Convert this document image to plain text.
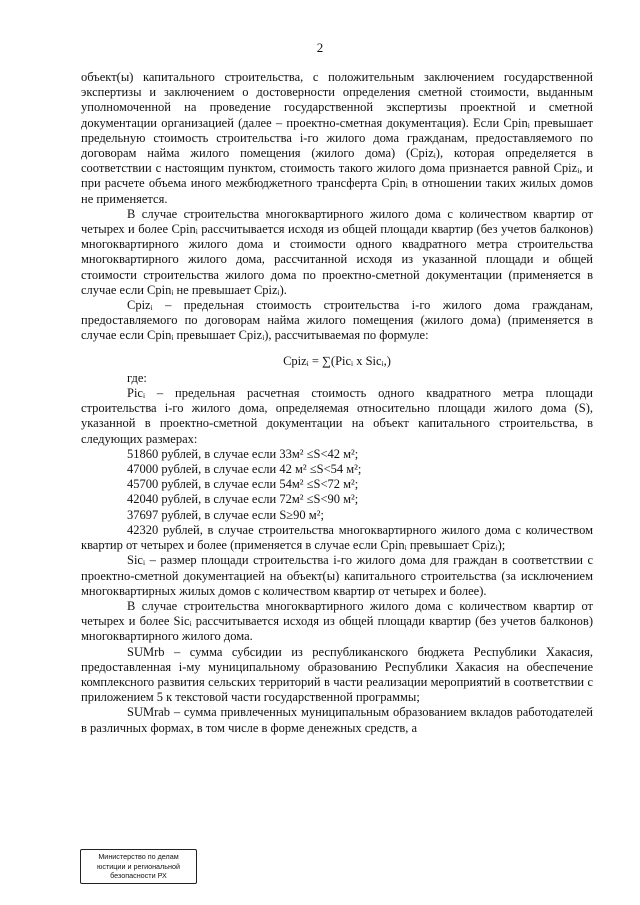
2

объект(ы) капитального строительства, с положительным заключением государственной экспертизы и заключением о достоверности определения сметной стоимости, выданным уполномоченной на проведение государственной экспертизы проектной и сметной документации организацией (далее – проектно-сметная документация). Если Cpinᵢ превышает предельную стоимость строительства i-го жилого дома гражданам, предоставляемого по договорам найма жилого помещения (жилого дома) (Cpizᵢ), которая определяется в соответствии с настоящим пунктом, стоимость такого жилого дома признается равной Cpizᵢ, и при расчете объема иного межбюджетного трансферта Cpinᵢ в отношении таких жилых домов не применяется.

В случае строительства многоквартирного жилого дома с количеством квартир от четырех и более Cpinᵢ рассчитывается исходя из общей площади квартир (без учетов балконов) многоквартирного жилого дома и стоимости одного квадратного метра строительства многоквартирного жилого дома, рассчитанной исходя из указанной площади и общей стоимости строительства жилого дома по проектно-сметной документации (применяется в случае если Cpinᵢ не превышает Cpizᵢ).

Cpizᵢ – предельная стоимость строительства i-го жилого дома гражданам, предоставляемого по договорам найма жилого помещения (жилого дома) (применяется в случае если Cpinᵢ превышает Cpizᵢ), рассчитываемая по формуле:

Cpizᵢ = ∑(Picᵢ x Sicᵢ,)

где:

Picᵢ – предельная расчетная стоимость одного квадратного метра площади строительства i-го жилого дома, определяемая относительно площади жилого дома (S), указанной в проектно-сметной документации на объект капитального строительства, в следующих размерах:

51860 рублей, в случае если 33м² ≤S<42 м²;

47000 рублей, в случае если 42 м² ≤S<54 м²;

45700 рублей, в случае если 54м² ≤S<72 м²;

42040 рублей, в случае если 72м² ≤S<90 м²;

37697 рублей, в случае если S≥90 м²;

42320 рублей, в случае строительства многоквартирного жилого дома с количеством квартир от четырех и более (применяется в случае если Cpinᵢ превышает Cpizᵢ);

Sicᵢ – размер площади строительства i-го жилого дома для граждан в соответствии с проектно-сметной документацией на объект(ы) капитального строительства (за исключением многоквартирных жилых домов с количеством квартир от четырех и более).

В случае строительства многоквартирного жилого дома с количеством квартир от четырех и более Sicᵢ рассчитывается исходя из общей площади квартир (без учетов балконов) многоквартирного жилого дома.

SUMrb – сумма субсидии из республиканского бюджета Республики Хакасия, предоставленная i-му муниципальному образованию Республики Хакасия на обеспечение комплексного развития сельских территорий в части реализации мероприятий в соответствии с приложением 5 к текстовой части государственной программы;

SUMrab – сумма привлеченных муниципальным образованием вкладов работодателей в различных формах, в том числе в форме денежных средств, а

Министерство по делам
юстиции и региональной
безопасности РХ
